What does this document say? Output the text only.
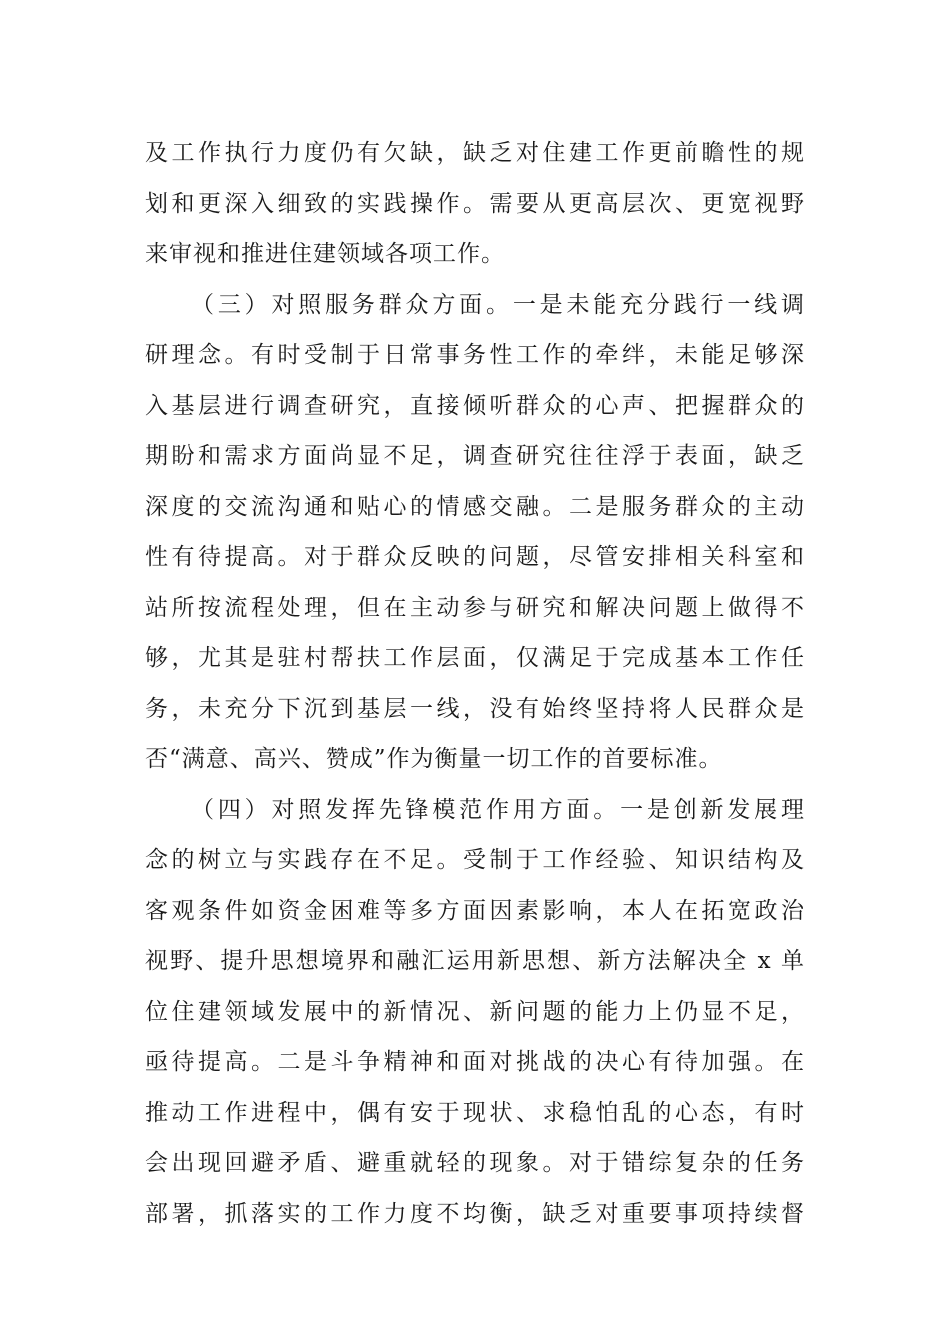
及工作执行力度仍有欠缺，缺乏对住建工作更前瞻性的规
划和更深入细致的实践操作。需要从更高层次、更宽视野
来审视和推进住建领域各项工作。
（三）对照服务群众方面。一是未能充分践行一线调
研理念。有时受制于日常事务性工作的牵绊，未能足够深
入基层进行调查研究，直接倾听群众的心声、把握群众的
期盼和需求方面尚显不足，调查研究往往浮于表面，缺乏
深度的交流沟通和贴心的情感交融。二是服务群众的主动
性有待提高。对于群众反映的问题，尽管安排相关科室和
站所按流程处理，但在主动参与研究和解决问题上做得不
够，尤其是驻村帮扶工作层面，仅满足于完成基本工作任
务，未充分下沉到基层一线，没有始终坚持将人民群众是
否“满意、高兴、赞成”作为衡量一切工作的首要标准。
（四）对照发挥先锋模范作用方面。一是创新发展理
念的树立与实践存在不足。受制于工作经验、知识结构及
客观条件如资金困难等多方面因素影响，本人在拓宽政治
视野、提升思想境界和融汇运用新思想、新方法解决全 x 单
位住建领域发展中的新情况、新问题的能力上仍显不足，
亟待提高。二是斗争精神和面对挑战的决心有待加强。在
推动工作进程中，偶有安于现状、求稳怕乱的心态，有时
会出现回避矛盾、避重就轻的现象。对于错综复杂的任务
部署，抓落实的工作力度不均衡，缺乏对重要事项持续督
